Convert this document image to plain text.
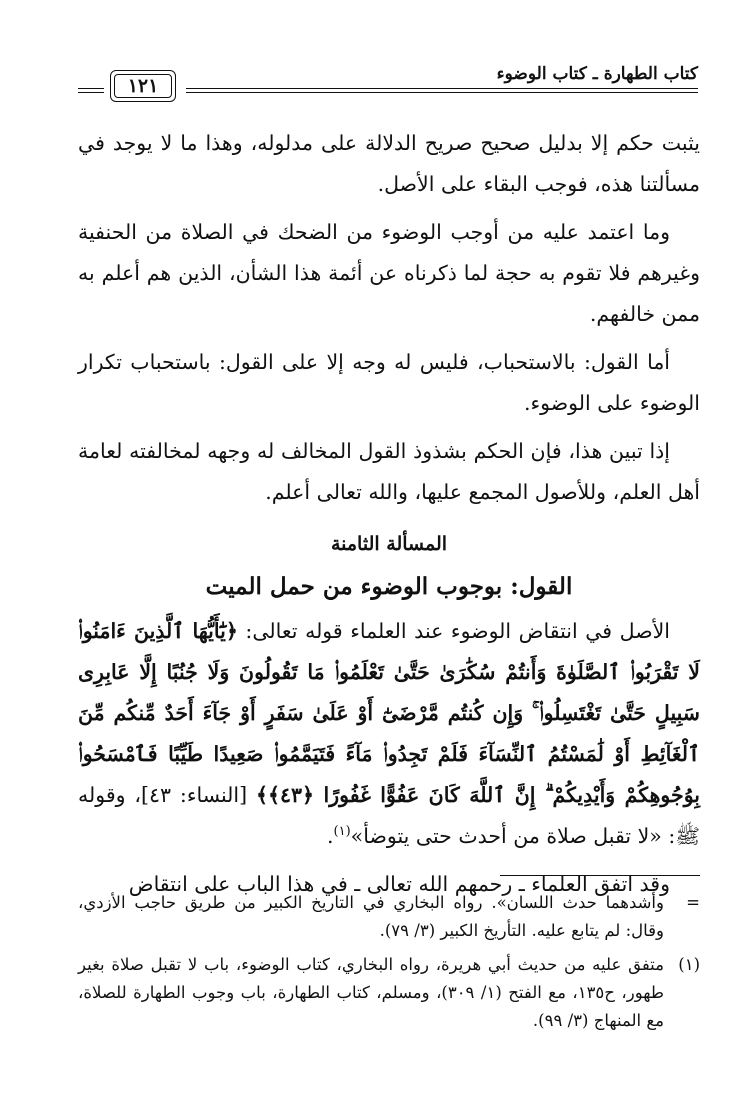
كتاب الطهارة ـ كتاب الوضوء
١٢١

يثبت حكم إلا بدليل صحيح صريح الدلالة على مدلوله، وهذا ما لا يوجد في مسألتنا هذه، فوجب البقاء على الأصل.

وما اعتمد عليه من أوجب الوضوء من الضحك في الصلاة من الحنفية وغيرهم فلا تقوم به حجة لما ذكرناه عن أئمة هذا الشأن، الذين هم أعلم به ممن خالفهم.

أما القول: بالاستحباب، فليس له وجه إلا على القول: باستحباب تكرار الوضوء على الوضوء.

إذا تبين هذا، فإن الحكم بشذوذ القول المخالف له وجهه لمخالفته لعامة أهل العلم، وللأصول المجمع عليها، والله تعالى أعلم.

المسألة الثامنة
القول: بوجوب الوضوء من حمل الميت

الأصل في انتقاض الوضوء عند العلماء قوله تعالى: ﴿يَٰٓأَيُّهَا ٱلَّذِينَ ءَامَنُوا۟ لَا تَقْرَبُوا۟ ٱلصَّلَوٰةَ وَأَنتُمْ سُكَٰرَىٰ حَتَّىٰ تَعْلَمُوا۟ مَا تَقُولُونَ وَلَا جُنُبًا إِلَّا عَابِرِى سَبِيلٍ حَتَّىٰ تَغْتَسِلُوا۟ ۚ وَإِن كُنتُم مَّرْضَىٰٓ أَوْ عَلَىٰ سَفَرٍ أَوْ جَآءَ أَحَدٌ مِّنكُم مِّنَ ٱلْغَآئِطِ أَوْ لَٰمَسْتُمُ ٱلنِّسَآءَ فَلَمْ تَجِدُوا۟ مَآءً فَتَيَمَّمُوا۟ صَعِيدًا طَيِّبًا فَٱمْسَحُوا۟ بِوُجُوهِكُمْ وَأَيْدِيكُمْ ۗ إِنَّ ٱللَّهَ كَانَ عَفُوًّا غَفُورًا ﴿٤٣﴾﴾ [النساء: ٤٣]، وقوله ﷺ: «لا تقبل صلاة من أحدث حتى يتوضأ»$^{(١)}$.

وقد اتفق العلماء ـ رحمهم الله تعالى ـ في هذا الباب على انتقاض

=
وأشدهما حدث اللسان». رواه البخاري في التاريخ الكبير من طريق حاجب الأزدي، وقال: لم يتابع عليه. التأريخ الكبير (٣/ ٧٩).
(١)
متفق عليه من حديث أبي هريرة، رواه البخاري، كتاب الوضوء، باب لا تقبل صلاة بغير طهور، ح١٣٥، مع الفتح (١/ ٣٠٩)، ومسلم، كتاب الطهارة، باب وجوب الطهارة للصلاة، مع المنهاج (٣/ ٩٩).
